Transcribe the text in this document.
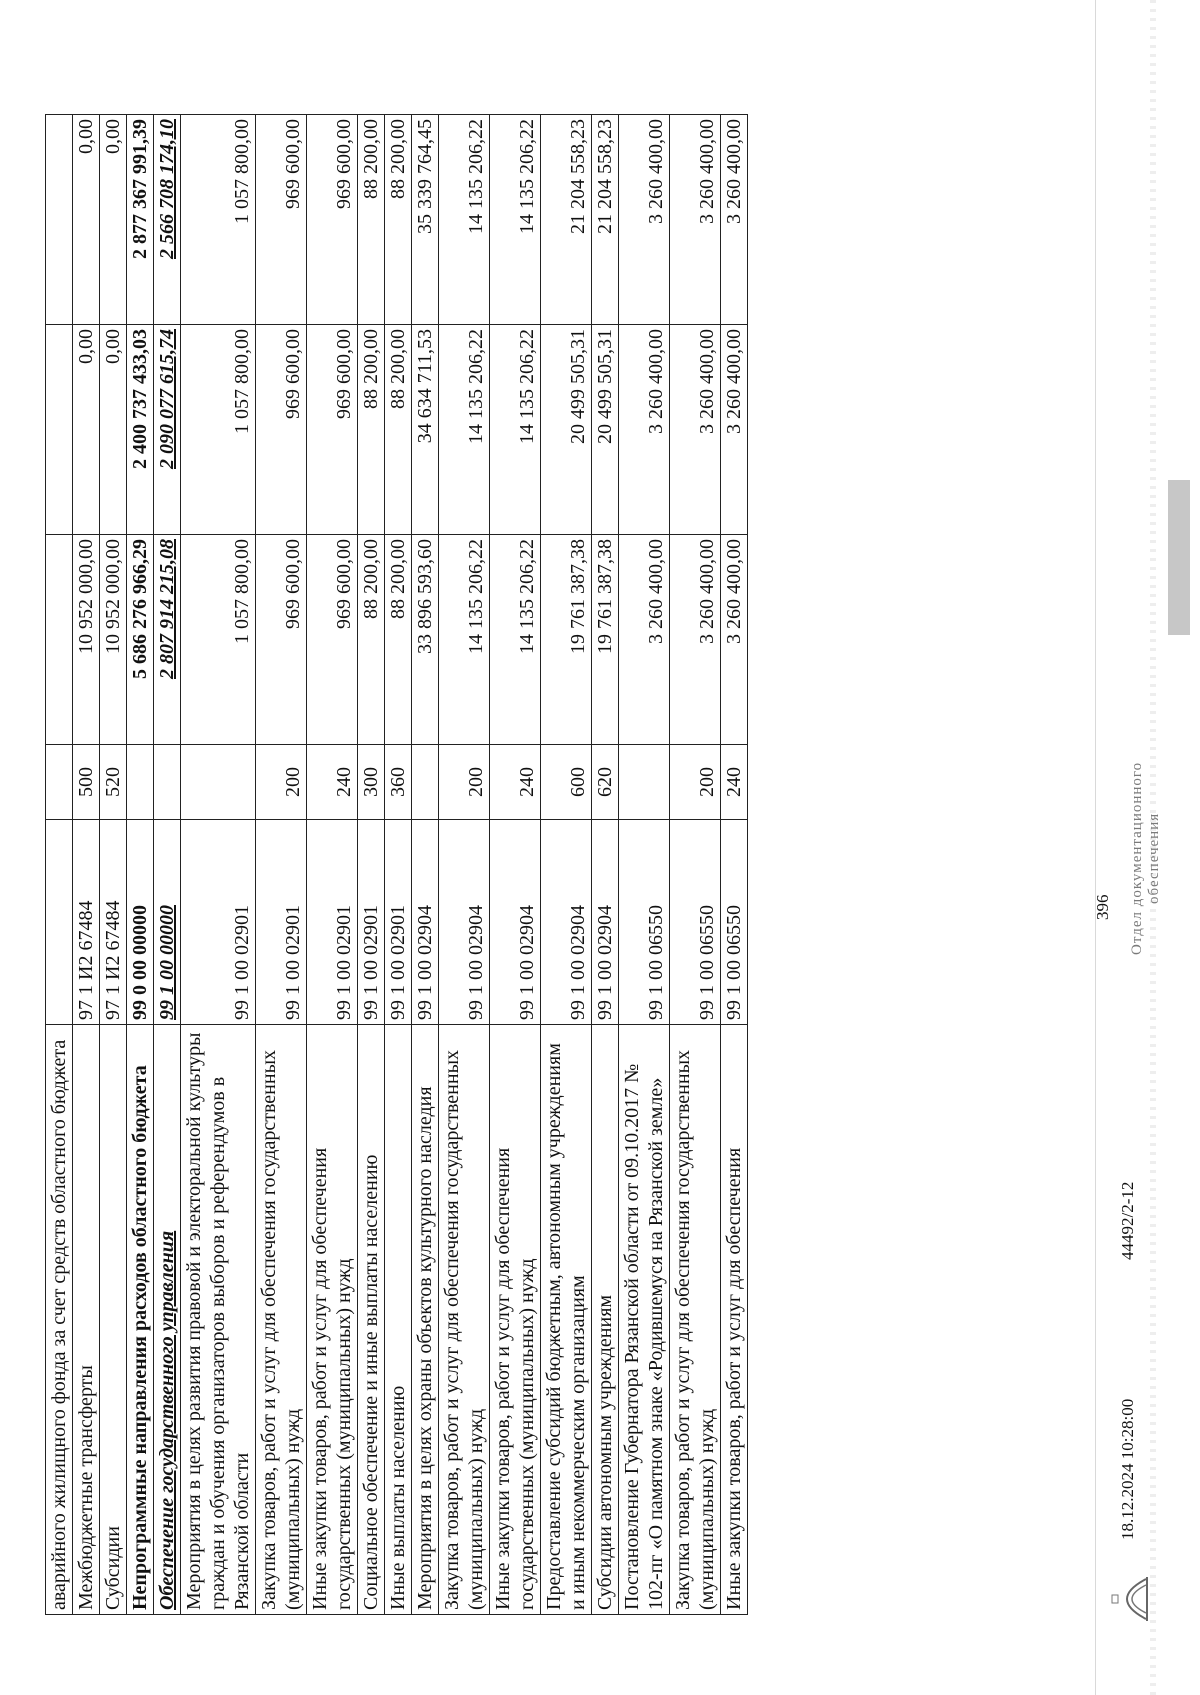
аварийного жилищного фонда за счет средств областного бюджета					
Межбюджетные трансферты	97 1 И2 67484	500	10 952 000,00	0,00	0,00
Субсидии	97 1 И2 67484	520	10 952 000,00	0,00	0,00
Непрограммные направления расходов областного бюджета	99 0 00 00000		5 686 276 966,29	2 400 737 433,03	2 877 367 991,39
Обеспечение государственного управления	99 1 00 00000		2 807 914 215,08	2 090 077 615,74	2 566 708 174,10
Мероприятия в целях развития правовой и электоральной культуры граждан и обучения организаторов выборов и референдумов в Рязанской области	99 1 00 02901		1 057 800,00	1 057 800,00	1 057 800,00
Закупка товаров, работ и услуг для обеспечения государственных (муниципальных) нужд	99 1 00 02901	200	969 600,00	969 600,00	969 600,00
Иные закупки товаров, работ и услуг для обеспечения государственных (муниципальных) нужд	99 1 00 02901	240	969 600,00	969 600,00	969 600,00
Социальное обеспечение и иные выплаты населению	99 1 00 02901	300	88 200,00	88 200,00	88 200,00
Иные выплаты населению	99 1 00 02901	360	88 200,00	88 200,00	88 200,00
Мероприятия в целях охраны объектов культурного наследия	99 1 00 02904		33 896 593,60	34 634 711,53	35 339 764,45
Закупка товаров, работ и услуг для обеспечения государственных (муниципальных) нужд	99 1 00 02904	200	14 135 206,22	14 135 206,22	14 135 206,22
Иные закупки товаров, работ и услуг для обеспечения государственных (муниципальных) нужд	99 1 00 02904	240	14 135 206,22	14 135 206,22	14 135 206,22
Предоставление субсидий бюджетным, автономным учреждениям и иным некоммерческим организациям	99 1 00 02904	600	19 761 387,38	20 499 505,31	21 204 558,23
Субсидии автономным учреждениям	99 1 00 02904	620	19 761 387,38	20 499 505,31	21 204 558,23
Постановление Губернатора Рязанской области от 09.10.2017 № 102-пг «О памятном знаке «Родившемуся на Рязанской земле»	99 1 00 06550		3 260 400,00	3 260 400,00	3 260 400,00
Закупка товаров, работ и услуг для обеспечения государственных (муниципальных) нужд	99 1 00 06550	200	3 260 400,00	3 260 400,00	3 260 400,00
Иные закупки товаров, работ и услуг для обеспечения	99 1 00 06550	240	3 260 400,00	3 260 400,00	3 260 400,00
396
18.12.2024 10:28:00
44492/2-12
Отдел документационного обеспечения
